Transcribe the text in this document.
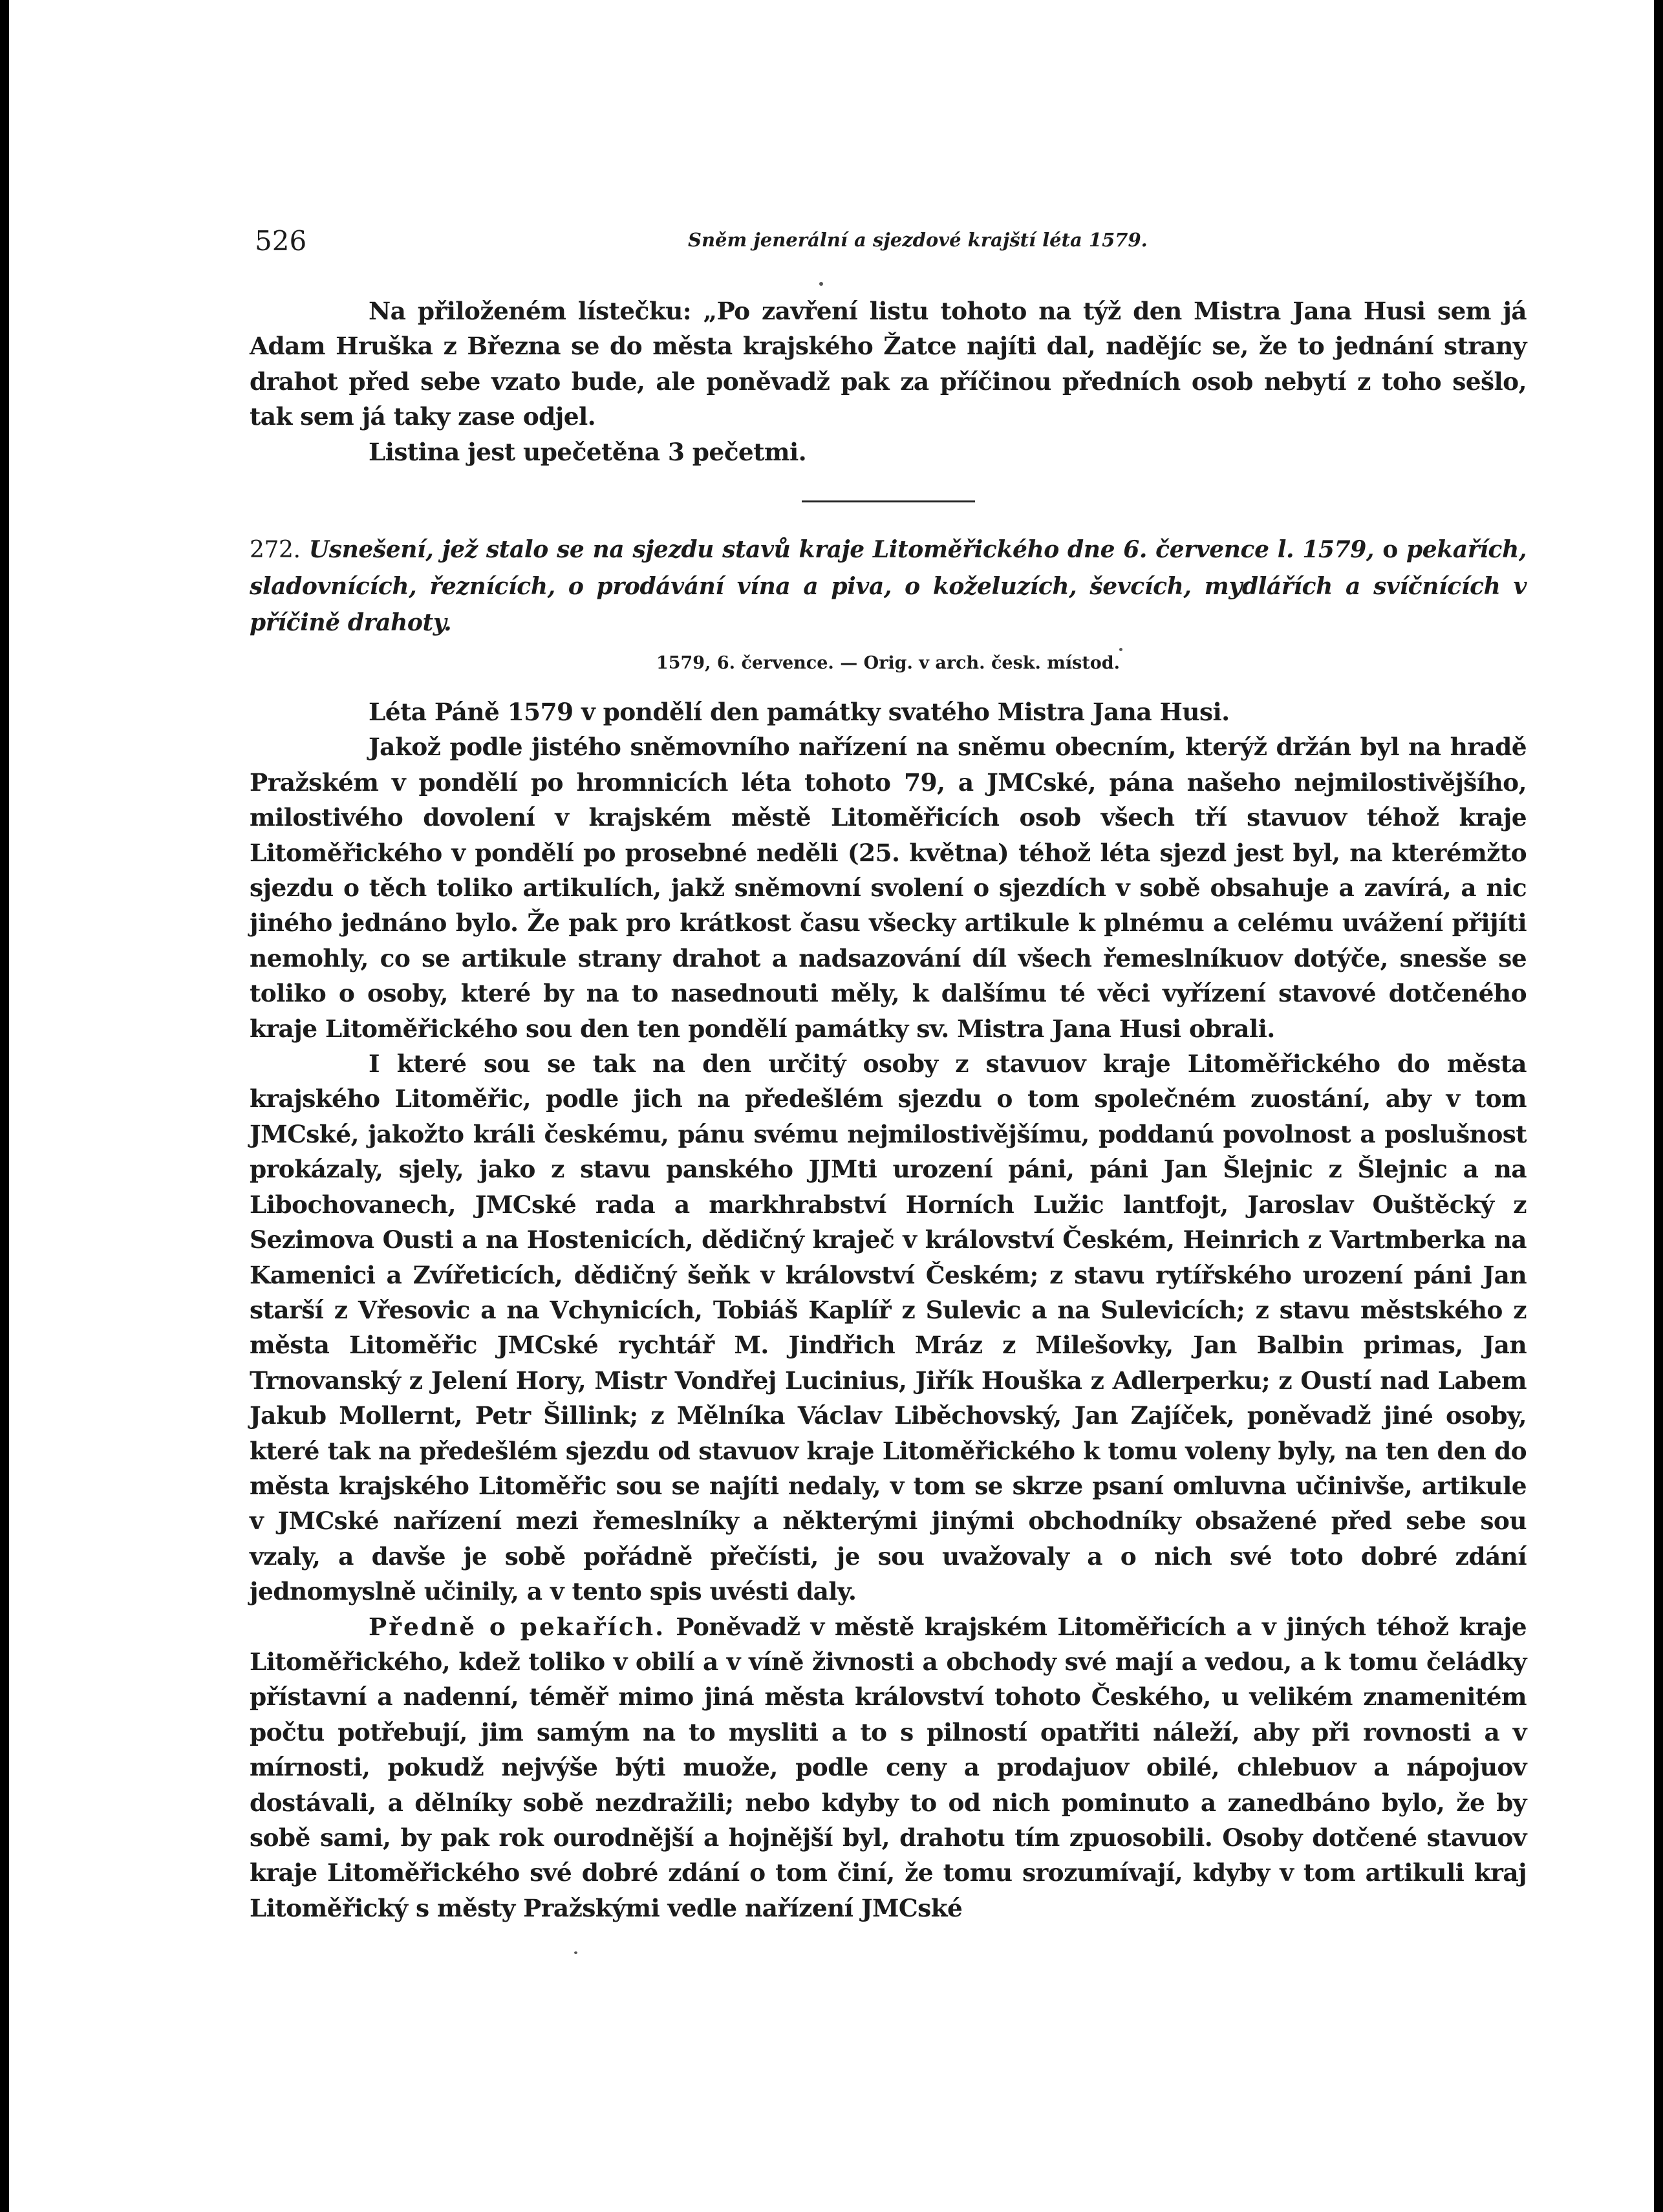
526	Sněm jenerální a sjezdové krajští léta 1579.

Na přiloženém lístečku: „Po zavření listu tohoto na týž den Mistra Jana Husi sem já Adam Hruška z Března se do města krajského Žatce najíti dal, nadějíc se, že to jednání strany drahot před sebe vzato bude, ale poněvadž pak za příčinou předních osob nebytí z toho sešlo, tak sem já taky zase odjel.

Listina jest upečetěna 3 pečetmi.

272. Usnešení, jež stalo se na sjezdu stavů kraje Litoměřického dne 6. července l. 1579, o pekařích, sladovnících, řeznících, o prodávání vína a piva, o koželuzích, ševcích, mydlářích a svíčnících v příčině drahoty.
1579, 6. července. — Orig. v arch. česk. místod.

Léta Páně 1579 v pondělí den památky svatého Mistra Jana Husi.

Jakož podle jistého sněmovního nařízení na sněmu obecním, kterýž držán byl na hradě Pražském v pondělí po hromnicích léta tohoto 79, a JMCské, pána našeho nejmilostivějšího, milostivého dovolení v krajském městě Litoměřicích osob všech tří stavuov téhož kraje Litoměřického v pondělí po prosebné neděli (25. května) téhož léta sjezd jest byl, na kterémžto sjezdu o těch toliko artikulích, jakž sněmovní svolení o sjezdích v sobě obsahuje a zavírá, a nic jiného jednáno bylo. Že pak pro krátkost času všecky artikule k plnému a celému uvážení přijíti nemohly, co se artikule strany drahot a nadsazování díl všech řemeslníkuov dotýče, snesše se toliko o osoby, které by na to nasednouti měly, k dalšímu té věci vyřízení stavové dotčeného kraje Litoměřického sou den ten pondělí památky sv. Mistra Jana Husi obrali.

I které sou se tak na den určitý osoby z stavuov kraje Litoměřického do města krajského Litoměřic, podle jich na předešlém sjezdu o tom společném zuostání, aby v tom JMCské, jakožto králi českému, pánu svému nejmilostivějšímu, poddanú povolnost a poslušnost prokázaly, sjely, jako z stavu panského JJMti urození páni, páni Jan Šlejnic z Šlejnic a na Libochovanech, JMCské rada a markhrabství Horních Lužic lantfojt, Jaroslav Ouštěcký z Sezimova Ousti a na Hostenicích, dědičný kraječ v království Českém, Heinrich z Vartmberka na Kamenici a Zvířeticích, dědičný šeňk v království Českém; z stavu rytířského urození páni Jan starší z Vřesovic a na Vchynicích, Tobiáš Kaplíř z Sulevic a na Sulevicích; z stavu městského z města Litoměřic JMCské rychtář M. Jindřich Mráz z Milešovky, Jan Balbin primas, Jan Trnovanský z Jelení Hory, Mistr Vondřej Lucinius, Jiřík Houška z Adlerperku; z Oustí nad Labem Jakub Mollernt, Petr Šillink; z Mělníka Václav Liběchovský, Jan Zajíček, poněvadž jiné osoby, které tak na předešlém sjezdu od stavuov kraje Litoměřického k tomu voleny byly, na ten den do města krajského Litoměřic sou se najíti nedaly, v tom se skrze psaní omluvna učinivše, artikule v JMCské nařízení mezi řemeslníky a některými jinými obchodníky obsažené před sebe sou vzaly, a davše je sobě pořádně přečísti, je sou uvažovaly a o nich své toto dobré zdání jednomyslně učinily, a v tento spis uvésti daly.

Předně o pekařích. Poněvadž v městě krajském Litoměřicích a v jiných téhož kraje Litoměřického, kdež toliko v obilí a v víně živnosti a obchody své mají a vedou, a k tomu čeládky přístavní a nadenní, téměř mimo jiná města království tohoto Českého, u velikém znamenitém počtu potřebují, jim samým na to mysliti a to s pilností opatřiti náleží, aby při rovnosti a v mírnosti, pokudž nejvýše býti muože, podle ceny a prodajuov obilé, chlebuov a nápojuov dostávali, a dělníky sobě nezdražili; nebo kdyby to od nich pominuto a zanedbáno bylo, že by sobě sami, by pak rok ourodnější a hojnější byl, drahotu tím zpuosobili. Osoby dotčené stavuov kraje Litoměřického své dobré zdání o tom činí, že tomu srozumívají, kdyby v tom artikuli kraj Litoměřický s městy Pražskými vedle nařízení JMCské
